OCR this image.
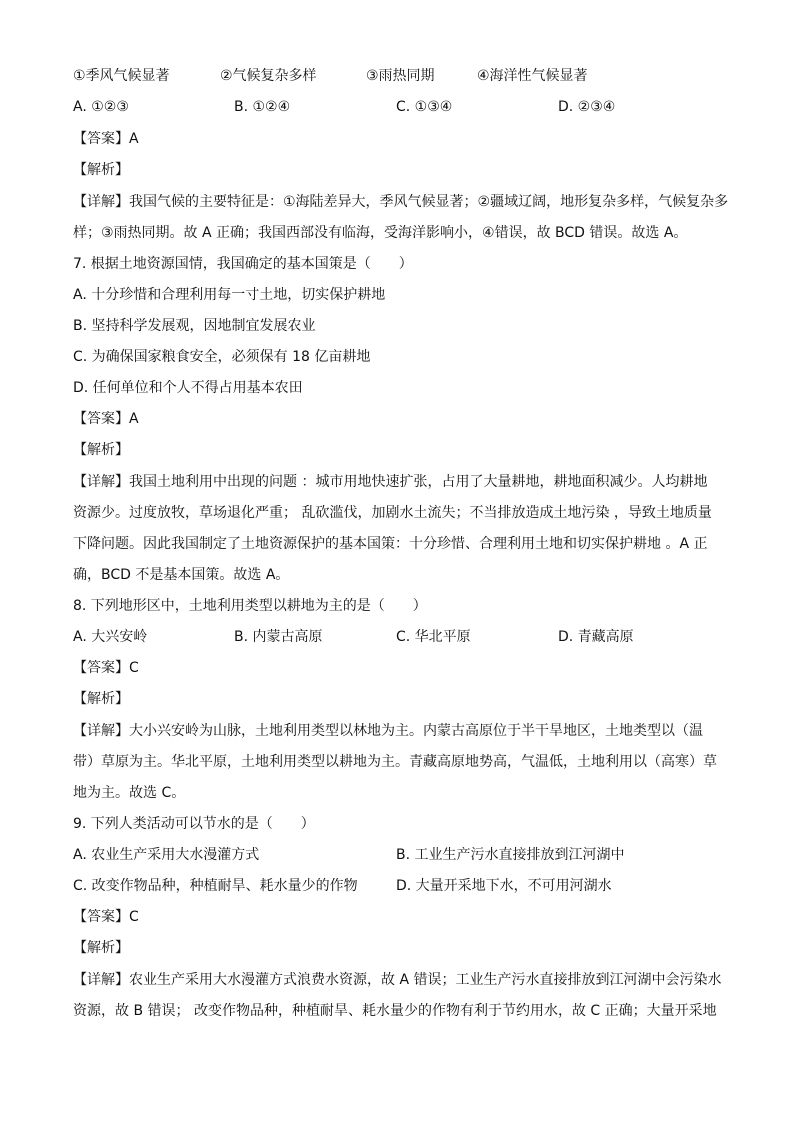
①季风气候显著	②气候复杂多样	③雨热同期	④海洋性气候显著
A. ①②③	B. ①②④	C. ①③④	D. ②③④
【答案】A
【解析】
【详解】我国气候的主要特征是：①海陆差异大，季风气候显著；②疆域辽阔，地形复杂多样，气候复杂多
样；③雨热同期。故 A 正确；我国西部没有临海，受海洋影响小，④错误，故 BCD 错误。故选 A。
7. 根据土地资源国情，我国确定的基本国策是（　　）
A. 十分珍惜和合理利用每一寸土地，切实保护耕地
B. 坚持科学发展观，因地制宜发展农业
C. 为确保国家粮食安全，必须保有 18 亿亩耕地
D. 任何单位和个人不得占用基本农田
【答案】A
【解析】
【详解】我国土地利用中出现的问题 ：城市用地快速扩张，占用了大量耕地，耕地面积减少。人均耕地
资源少。过度放牧，草场退化严重； 乱砍滥伐，加剧水土流失；不当排放造成土地污染 ，导致土地质量
下降问题。因此我国制定了土地资源保护的基本国策：十分珍惜、合理利用土地和切实保护耕地 。A 正
确，BCD 不是基本国策。故选 A。
8. 下列地形区中，土地利用类型以耕地为主的是（　　）
A. 大兴安岭	B. 内蒙古高原	C. 华北平原	D. 青藏高原
【答案】C
【解析】
【详解】大小兴安岭为山脉，土地利用类型以林地为主。内蒙古高原位于半干旱地区，土地类型以（温
带）草原为主。华北平原，土地利用类型以耕地为主。青藏高原地势高，气温低，土地利用以（高寒）草
地为主。故选 C。
9. 下列人类活动可以节水的是（　　）
A. 农业生产采用大水漫灌方式	B. 工业生产污水直接排放到江河湖中
C. 改变作物品种，种植耐旱、耗水量少的作物	D. 大量开采地下水，不可用河湖水
【答案】C
【解析】
【详解】农业生产采用大水漫灌方式浪费水资源，故 A 错误；工业生产污水直接排放到江河湖中会污染水
资源，故 B 错误； 改变作物品种，种植耐旱、耗水量少的作物有利于节约用水，故 C 正确；大量开采地
